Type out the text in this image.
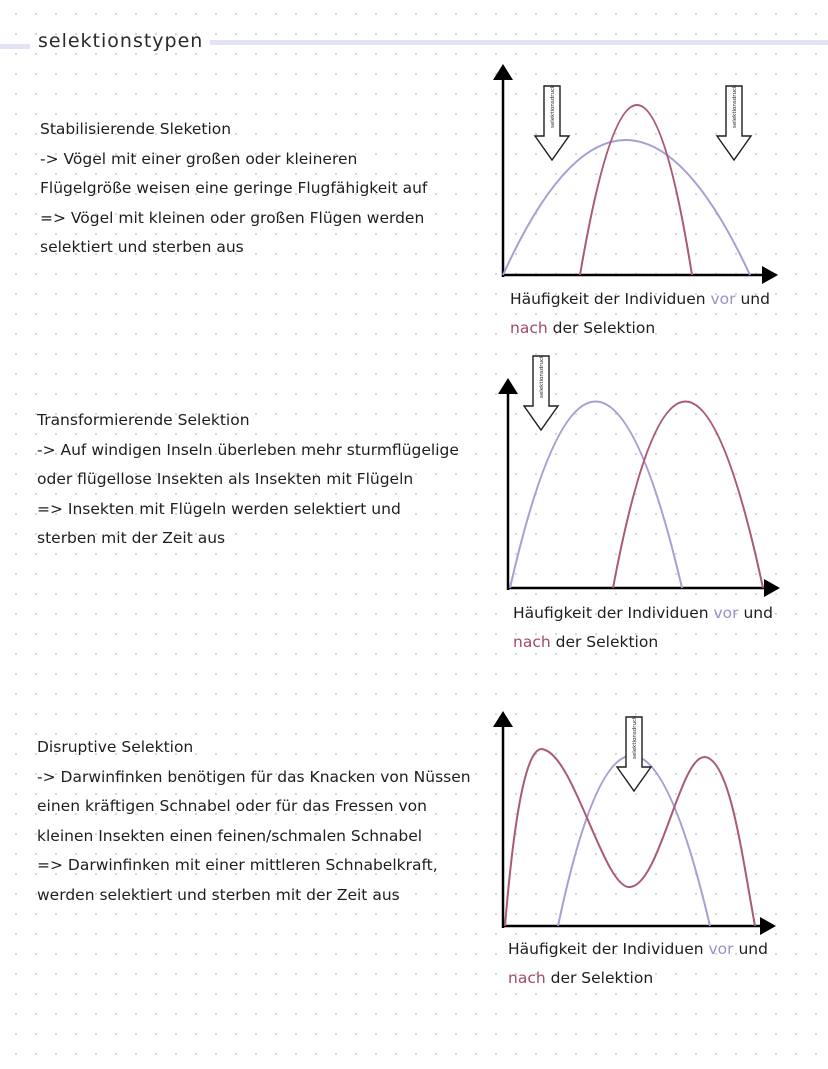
selektionstypen
Stabilisierende Sleketion
-> Vögel mit einer großen oder kleineren
Flügelgröße weisen eine geringe Flugfähigkeit auf
=> Vögel mit kleinen oder großen Flügen werden
selektiert und sterben aus
selektionsdruck	selektionsdruck
Häufigkeit der Individuen vor und
nach der Selektion
Transformierende Selektion
-> Auf windigen Inseln überleben mehr sturmflügelige
oder flügellose Insekten als Insekten mit Flügeln
=> Insekten mit Flügeln werden selektiert und
sterben mit der Zeit aus
selektionsdruck
Häufigkeit der Individuen vor und
nach der Selektion
Disruptive Selektion
-> Darwinfinken benötigen für das Knacken von Nüssen
einen kräftigen Schnabel oder für das Fressen von
kleinen Insekten einen feinen/schmalen Schnabel
=> Darwinfinken mit einer mittleren Schnabelkraft,
werden selektiert und sterben mit der Zeit aus
selektionsdruck
Häufigkeit der Individuen vor und
nach der Selektion
